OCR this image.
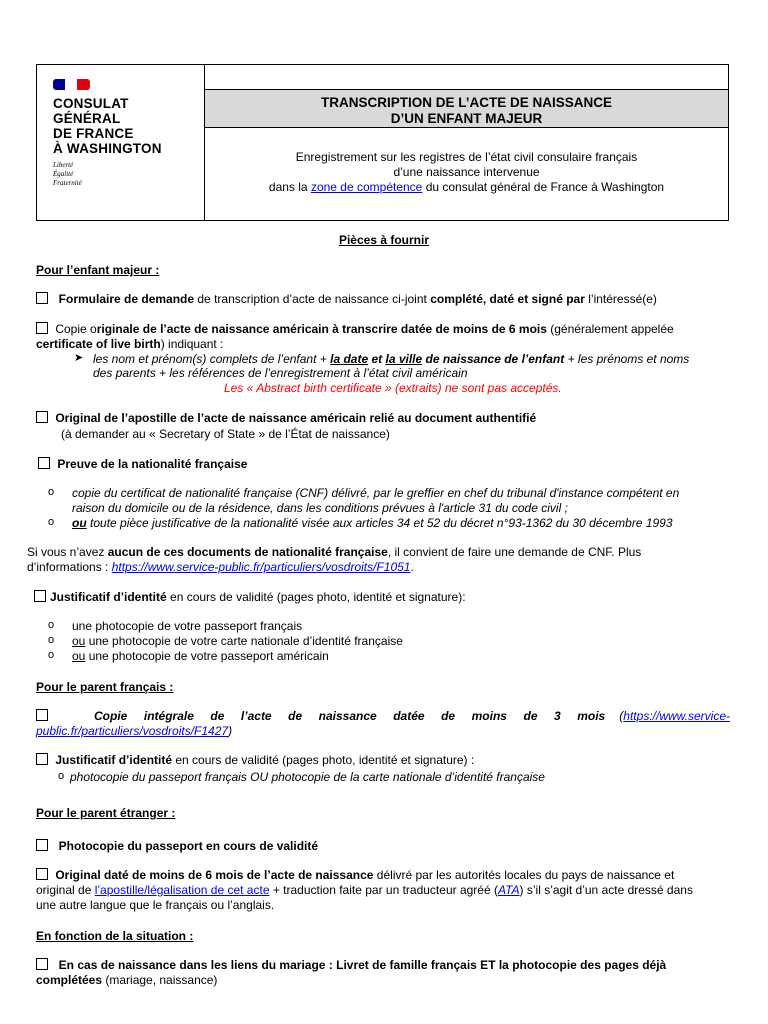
CONSULAT
GÉNÉRAL
DE FRANCE
À WASHINGTON
Liberté
Égalité
Fraternité
TRANSCRIPTION DE L’ACTE DE NAISSANCE
D’UN ENFANT MAJEUR
Enregistrement sur les registres de l’état civil consulaire français
d’une naissance intervenue
dans la zone de compétence du consulat général de France à Washington
Pièces à fournir
Pour l’enfant majeur :
Formulaire de demande de transcription d’acte de naissance ci-joint complété, daté et signé par l’intéressé(e)
Copie originale de l’acte de naissance américain à transcrire datée de moins de 6 mois (généralement appelée
certificate of live birth) indiquant :
➤ les nom et prénom(s) complets de l’enfant + la date et la ville de naissance de l’enfant + les prénoms et noms
des parents + les références de l’enregistrement à l’état civil américain
Les « Abstract birth certificate » (extraits) ne sont pas acceptés.
Original de l’apostille de l’acte de naissance américain relié au document authentifié
(à demander au « Secretary of State » de l’État de naissance)
Preuve de la nationalité française
o copie du certificat de nationalité française (CNF) délivré, par le greffier en chef du tribunal d'instance compétent en
raison du domicile ou de la résidence, dans les conditions prévues à l'article 31 du code civil ;
o ou toute pièce justificative de la nationalité visée aux articles 34 et 52 du décret n°93-1362 du 30 décembre 1993
Si vous n’avez aucun de ces documents de nationalité française, il convient de faire une demande de CNF. Plus
d’informations : https://www.service-public.fr/particuliers/vosdroits/F1051.
Justificatif d’identité en cours de validité (pages photo, identité et signature):
o une photocopie de votre passeport français
o ou une photocopie de votre carte nationale d’identité française
o ou une photocopie de votre passeport américain
Pour le parent français :
Copie intégrale de l’acte de naissance datée de moins de 3 mois (https://www.service-
public.fr/particuliers/vosdroits/F1427)
Justificatif d’identité en cours de validité (pages photo, identité et signature) :
o photocopie du passeport français OU photocopie de la carte nationale d’identité française
Pour le parent étranger :
Photocopie du passeport en cours de validité
Original daté de moins de 6 mois de l’acte de naissance délivré par les autorités locales du pays de naissance et
original de l’apostille/légalisation de cet acte + traduction faite par un traducteur agréé (ATA) s’il s’agit d’un acte dressé dans
une autre langue que le français ou l’anglais.
En fonction de la situation :
En cas de naissance dans les liens du mariage : Livret de famille français ET la photocopie des pages déjà
complétées (mariage, naissance)
